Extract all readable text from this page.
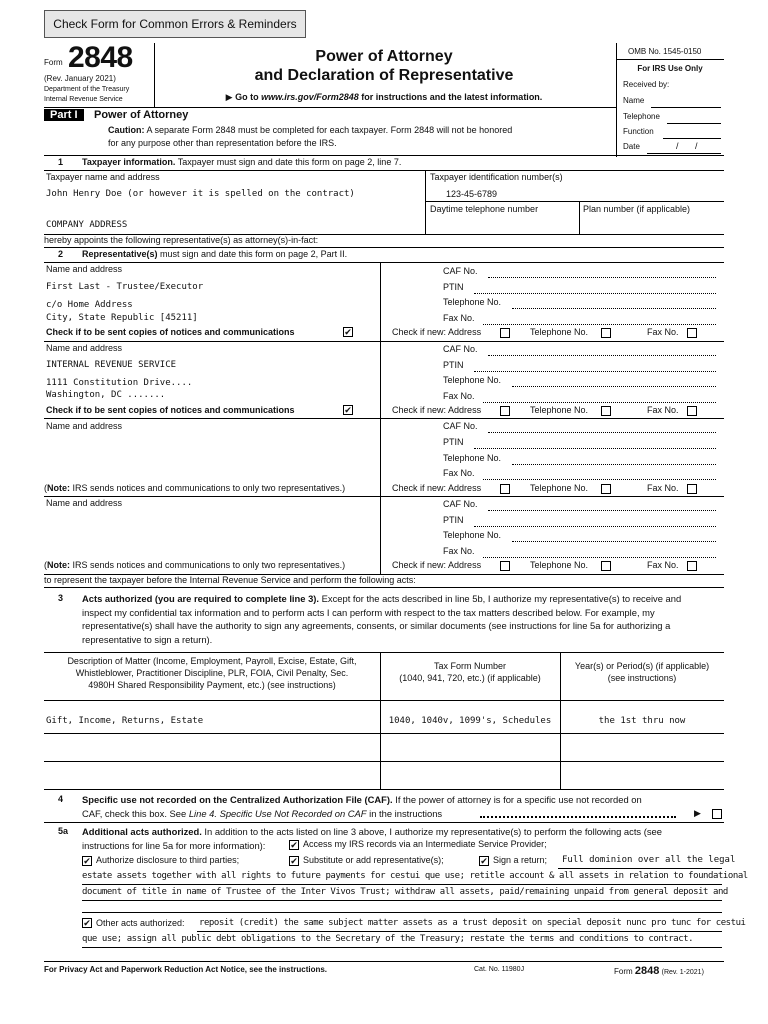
Check Form for Common Errors & Reminders
Form 2848
(Rev. January 2021)
Department of the Treasury
Internal Revenue Service
Power of Attorney
and Declaration of Representative
▶ Go to www.irs.gov/Form2848 for instructions and the latest information.
OMB No. 1545-0150
For IRS Use Only
Received by:
Name
Telephone
Function
Date	/ /
Part I	Power of Attorney
Caution: A separate Form 2848 must be completed for each taxpayer. Form 2848 will not be honored
for any purpose other than representation before the IRS.
1 Taxpayer information. Taxpayer must sign and date this form on page 2, line 7.
Taxpayer name and address
John Henry Doe (or however it is spelled on the contract)
COMPANY ADDRESS
Taxpayer identification number(s)
123-45-6789
Daytime telephone number	Plan number (if applicable)
hereby appoints the following representative(s) as attorney(s)-in-fact:
2 Representative(s) must sign and date this form on page 2, Part II.
Name and address
First Last - Trustee/Executor
c/o Home Address
City, State Republic [45211]
Check if to be sent copies of notices and communications
✔
CAF No.
PTIN
Telephone No.
Fax No.
Check if new: Address	Telephone No.	Fax No.
Name and address
INTERNAL REVENUE SERVICE
1111 Constitution Drive....
Washington, DC .......
Check if to be sent copies of notices and communications
✔
CAF No.
PTIN
Telephone No.
Fax No.
Check if new: Address	Telephone No.	Fax No.
Name and address
(Note: IRS sends notices and communications to only two representatives.)
CAF No.
PTIN
Telephone No.
Fax No.
Check if new: Address	Telephone No.	Fax No.
Name and address
(Note: IRS sends notices and communications to only two representatives.)
CAF No.
PTIN
Telephone No.
Fax No.
Check if new: Address	Telephone No.	Fax No.
to represent the taxpayer before the Internal Revenue Service and perform the following acts:
3 Acts authorized (you are required to complete line 3). Except for the acts described in line 5b, I authorize my representative(s) to receive and
inspect my confidential tax information and to perform acts I can perform with respect to the tax matters described below. For example, my
representative(s) shall have the authority to sign any agreements, consents, or similar documents (see instructions for line 5a for authorizing a
representative to sign a return).
Description of Matter (Income, Employment, Payroll, Excise, Estate, Gift,
Whistleblower, Practitioner Discipline, PLR, FOIA, Civil Penalty, Sec.
4980H Shared Responsibility Payment, etc.) (see instructions)
Tax Form Number
(1040, 941, 720, etc.) (if applicable)
Year(s) or Period(s) (if applicable)
(see instructions)
Gift, Income, Returns, Estate	1040, 1040v, 1099's, Schedules	the 1st thru now
4 Specific use not recorded on the Centralized Authorization File (CAF). If the power of attorney is for a specific use not recorded on
CAF, check this box. See Line 4. Specific Use Not Recorded on CAF in the instructions	▶
5a Additional acts authorized. In addition to the acts listed on line 3 above, I authorize my representative(s) to perform the following acts (see
instructions for line 5a for more information): ✔	Access my IRS records via an Intermediate Service Provider;
✔
Authorize disclosure to third parties; ✔	Substitute or add representative(s); ✔	Sign a return; Full dominion over all the legal
estate assets together with all rights to future payments for cestui que use; retitle account & all assets in relation to foundational
document of title in name of Trustee of the Inter Vivos Trust; withdraw all assets, paid/remaining unpaid from general deposit and
✔
Other acts authorized: reposit (credit) the same subject matter assets as a trust deposit on special deposit nunc pro tunc for cestui
que use; assign all public debt obligations to the Secretary of the Treasury; restate the terms and conditions to contract.
For Privacy Act and Paperwork Reduction Act Notice, see the instructions.	Cat. No. 11980J	Form 2848 (Rev. 1-2021)
